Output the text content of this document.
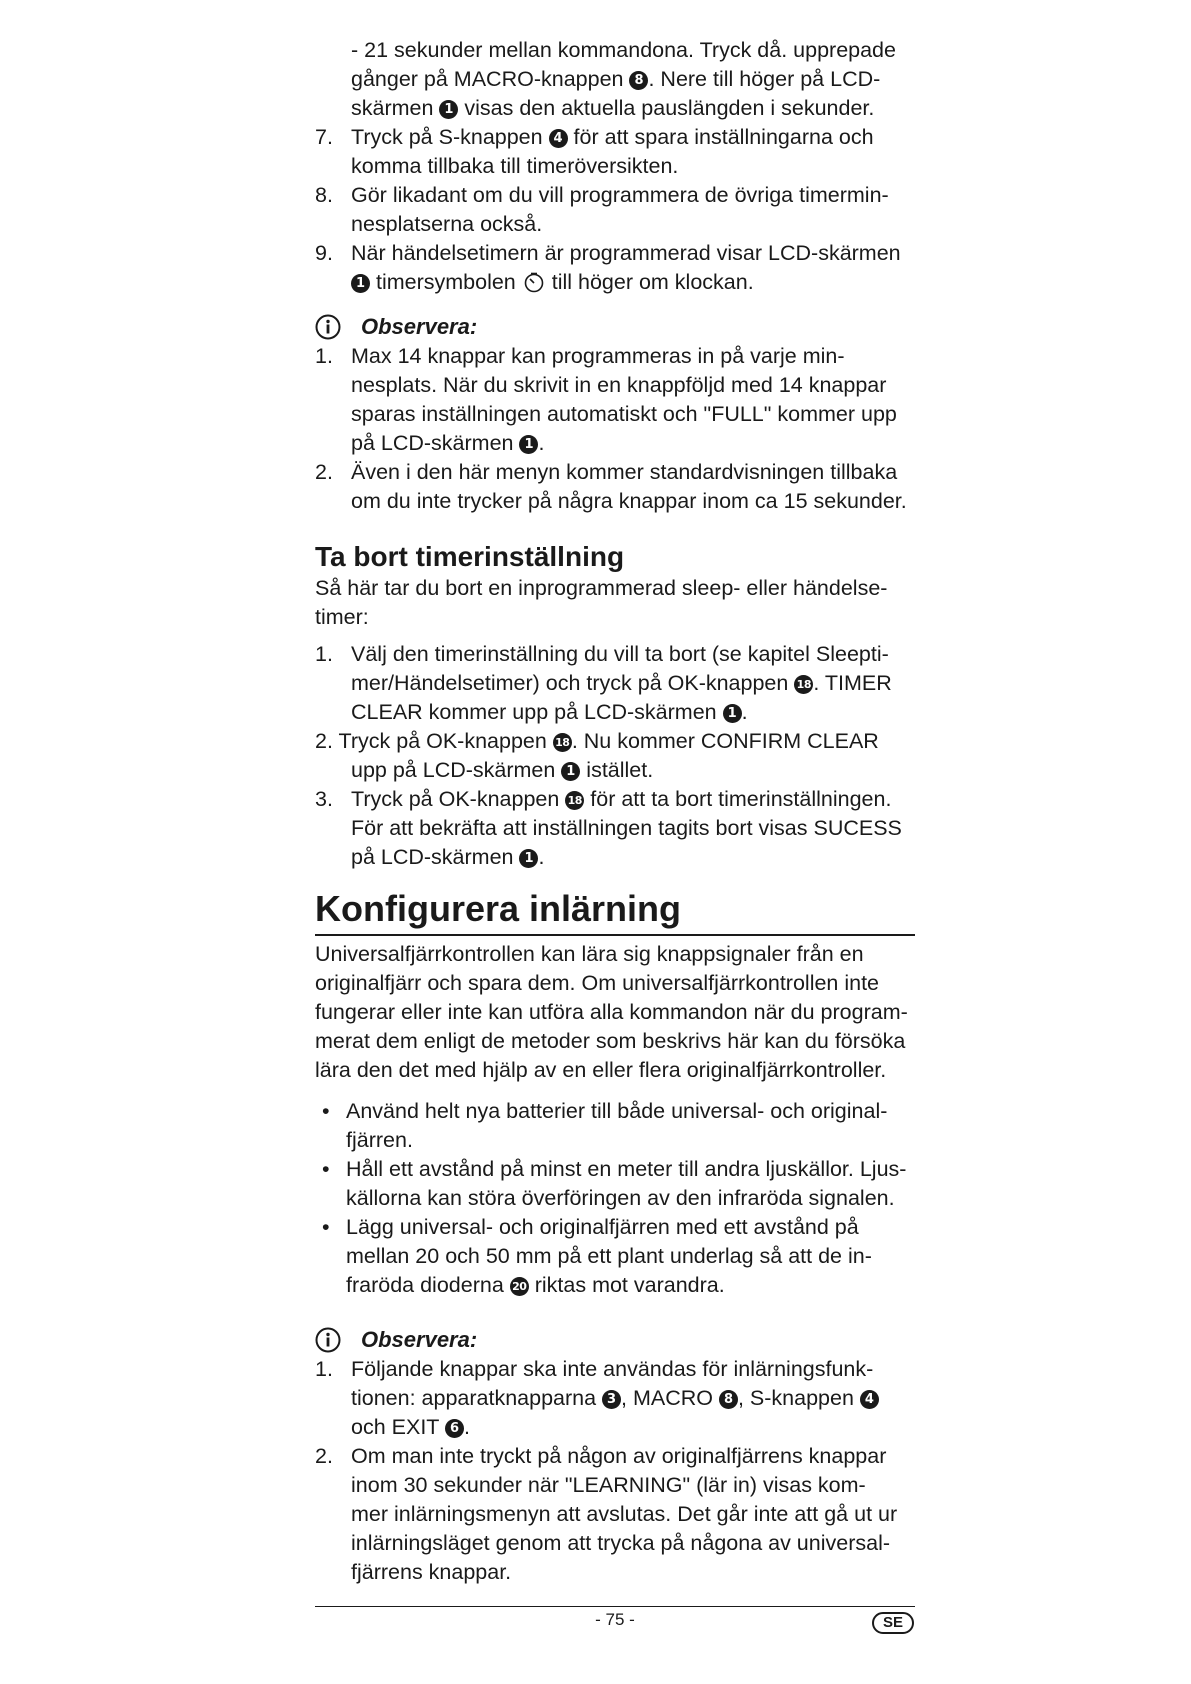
- 21 sekunder mellan kommandona. Tryck då. upprepade
gånger på MACRO-knappen 8 . Nere till höger på LCD-
skärmen 1 visas den aktuella pauslängden i sekunder.

7. Tryck på S-knappen 4 för att spara inställningarna och
komma tillbaka till timeröversikten.

8. Gör likadant om du vill programmera de övriga timermin-
nesplatserna också.

9. När händelsetimern är programmerad visar LCD-skärmen
1 timersymbolen  till höger om klockan.

Observera:

1. Max 14 knappar kan programmeras in på varje min-
nesplats. När du skrivit in en knappföljd med 14 knappar
sparas inställningen automatiskt och "FULL" kommer upp
på LCD-skärmen 1 .

2. Även i den här menyn kommer standardvisningen tillbaka
om du inte trycker på några knappar inom ca 15 sekunder.

Ta bort timerinställning

Så här tar du bort en inprogrammerad sleep- eller händelse-
timer:

1. Välj den timerinställning du vill ta bort (se kapitel Sleepti-
mer/Händelsetimer) och tryck på OK-knappen 18 . TIMER
CLEAR kommer upp på LCD-skärmen 1 .

2. Tryck på OK-knappen 18 . Nu kommer CONFIRM CLEAR
upp på LCD-skärmen 1 istället.

3. Tryck på OK-knappen 18 för att ta bort timerinställningen.
För att bekräfta att inställningen tagits bort visas SUCESS
på LCD-skärmen 1 .

Konfigurera inlärning

Universalfjärrkontrollen kan lära sig knappsignaler från en
originalfjärr och spara dem. Om universalfjärrkontrollen inte
fungerar eller inte kan utföra alla kommandon när du program-
merat dem enligt de metoder som beskrivs här kan du försöka
lära den det med hjälp av en eller flera originalfjärrkontroller.

• Använd helt nya batterier till både universal- och original-
fjärren.

• Håll ett avstånd på minst en meter till andra ljuskällor. Ljus-
källorna kan störa överföringen av den infraröda signalen.

• Lägg universal- och originalfjärren med ett avstånd på
mellan 20 och 50 mm på ett plant underlag så att de in-
fraröda dioderna 20 riktas mot varandra.

Observera:

1. Följande knappar ska inte användas för inlärningsfunk-
tionen: apparatknapparna 3 , MACRO 8 , S-knappen 4
och EXIT 6 .

2. Om man inte tryckt på någon av originalfjärrens knappar
inom 30 sekunder när "LEARNING" (lär in) visas kom-
mer inlärningsmenyn att avslutas. Det går inte att gå ut ur
inlärningsläget genom att trycka på någona av universal-
fjärrens knappar.

- 75 -	SE
